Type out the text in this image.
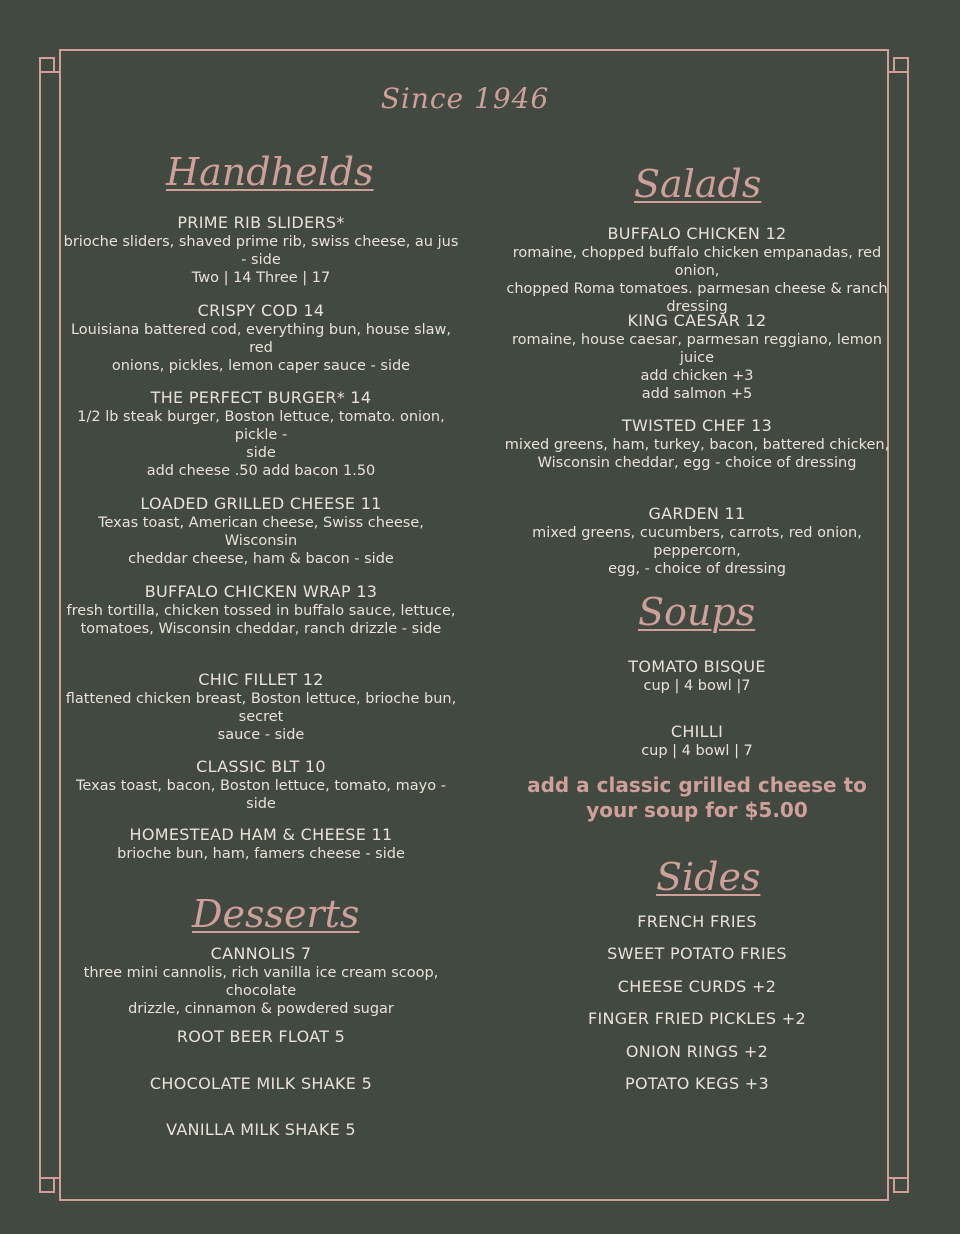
Since 1946
Handhelds
PRIME RIB SLIDERS*
brioche sliders, shaved prime rib, swiss cheese, au jus - side
Two | 14 Three | 17
CRISPY COD 14
Louisiana battered cod, everything bun, house slaw, red
onions, pickles, lemon caper sauce - side
THE PERFECT BURGER* 14
1/2 lb steak burger, Boston lettuce, tomato. onion, pickle -
side
add cheese .50 add bacon 1.50
LOADED GRILLED CHEESE 11
Texas toast, American cheese, Swiss cheese, Wisconsin
cheddar cheese, ham & bacon - side
BUFFALO CHICKEN WRAP 13
fresh tortilla, chicken tossed in buffalo sauce, lettuce,
tomatoes, Wisconsin cheddar, ranch drizzle - side
CHIC FILLET 12
flattened chicken breast, Boston lettuce, brioche bun, secret
sauce - side
CLASSIC BLT 10
Texas toast, bacon, Boston lettuce, tomato, mayo - side
HOMESTEAD HAM & CHEESE 11
brioche bun, ham, famers cheese - side
Desserts
CANNOLIS 7
three mini cannolis, rich vanilla ice cream scoop, chocolate
drizzle, cinnamon & powdered sugar
ROOT BEER FLOAT 5
CHOCOLATE MILK SHAKE 5
VANILLA MILK SHAKE 5
Salads
BUFFALO CHICKEN 12
romaine, chopped buffalo chicken empanadas, red onion,
chopped Roma tomatoes. parmesan cheese & ranch dressing
KING CAESAR 12
romaine, house caesar, parmesan reggiano, lemon juice
add chicken +3
add salmon +5
TWISTED CHEF 13
mixed greens, ham, turkey, bacon, battered chicken,
Wisconsin cheddar, egg - choice of dressing
GARDEN 11
mixed greens, cucumbers, carrots, red onion, peppercorn,
egg, - choice of dressing
Soups
TOMATO BISQUE
cup | 4 bowl |7
CHILLI
cup | 4 bowl | 7
add a classic grilled cheese to
your soup for $5.00
Sides
FRENCH FRIES
SWEET POTATO FRIES
CHEESE CURDS +2
FINGER FRIED PICKLES +2
ONION RINGS +2
POTATO KEGS +3
